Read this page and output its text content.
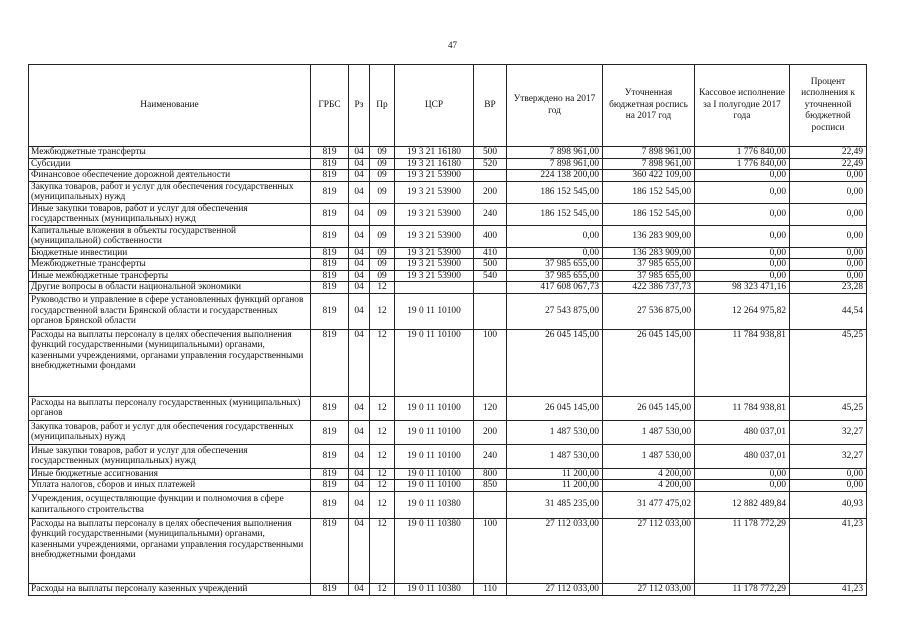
47
Наименование	ГРБС	Рз	Пр	ЦСР	ВР	Утверждено на 2017 год	Уточненная бюджетная роспись на 2017 год	Кассовое исполнение за I полугодие 2017 года	Процент исполнения к уточненной бюджетной росписи
Межбюджетные трансферты	819	04	09	19 3 21 16180	500	7 898 961,00	7 898 961,00	1 776 840,00	22,49
Субсидии	819	04	09	19 3 21 16180	520	7 898 961,00	7 898 961,00	1 776 840,00	22,49
Финансовое обеспечение дорожной деятельности	819	04	09	19 3 21 53900		224 138 200,00	360 422 109,00	0,00	0,00
Закупка товаров, работ и услуг для обеспечения государственных (муниципальных) нужд	819	04	09	19 3 21 53900	200	186 152 545,00	186 152 545,00	0,00	0,00
Иные закупки товаров, работ и услуг для обеспечения государственных (муниципальных) нужд	819	04	09	19 3 21 53900	240	186 152 545,00	186 152 545,00	0,00	0,00
Капитальные вложения в объекты государственной (муниципальной) собственности	819	04	09	19 3 21 53900	400	0,00	136 283 909,00	0,00	0,00
Бюджетные инвестиции	819	04	09	19 3 21 53900	410	0,00	136 283 909,00	0,00	0,00
Межбюджетные трансферты	819	04	09	19 3 21 53900	500	37 985 655,00	37 985 655,00	0,00	0,00
Иные межбюджетные трансферты	819	04	09	19 3 21 53900	540	37 985 655,00	37 985 655,00	0,00	0,00
Другие вопросы в области национальной экономики	819	04	12			417 608 067,73	422 386 737,73	98 323 471,16	23,28
Руководство и управление в сфере установленных функций органов государственной власти Брянской области и государственных органов Брянской области	819	04	12	19 0 11 10100		27 543 875,00	27 536 875,00	12 264 975,82	44,54
Расходы на выплаты персоналу в целях обеспечения выполнения функций государственными (муниципальными) органами, казенными учреждениями, органами управления государственными внебюджетными фондами	819	04	12	19 0 11 10100	100	26 045 145,00	26 045 145,00	11 784 938,81	45,25
Расходы на выплаты персоналу государственных (муниципальных) органов	819	04	12	19 0 11 10100	120	26 045 145,00	26 045 145,00	11 784 938,81	45,25
Закупка товаров, работ и услуг для обеспечения государственных (муниципальных) нужд	819	04	12	19 0 11 10100	200	1 487 530,00	1 487 530,00	480 037,01	32,27
Иные закупки товаров, работ и услуг для обеспечения государственных (муниципальных) нужд	819	04	12	19 0 11 10100	240	1 487 530,00	1 487 530,00	480 037,01	32,27
Иные бюджетные ассигнования	819	04	12	19 0 11 10100	800	11 200,00	4 200,00	0,00	0,00
Уплата налогов, сборов и иных платежей	819	04	12	19 0 11 10100	850	11 200,00	4 200,00	0,00	0,00
Учреждения, осуществляющие функции и полномочия в сфере капитального строительства	819	04	12	19 0 11 10380		31 485 235,00	31 477 475,02	12 882 489,84	40,93
Расходы на выплаты персоналу в целях обеспечения выполнения функций государственными (муниципальными) органами, казенными учреждениями, органами управления государственными внебюджетными фондами	819	04	12	19 0 11 10380	100	27 112 033,00	27 112 033,00	11 178 772,29	41,23
Расходы на выплаты персоналу казенных учреждений	819	04	12	19 0 11 10380	110	27 112 033,00	27 112 033,00	11 178 772,29	41,23
